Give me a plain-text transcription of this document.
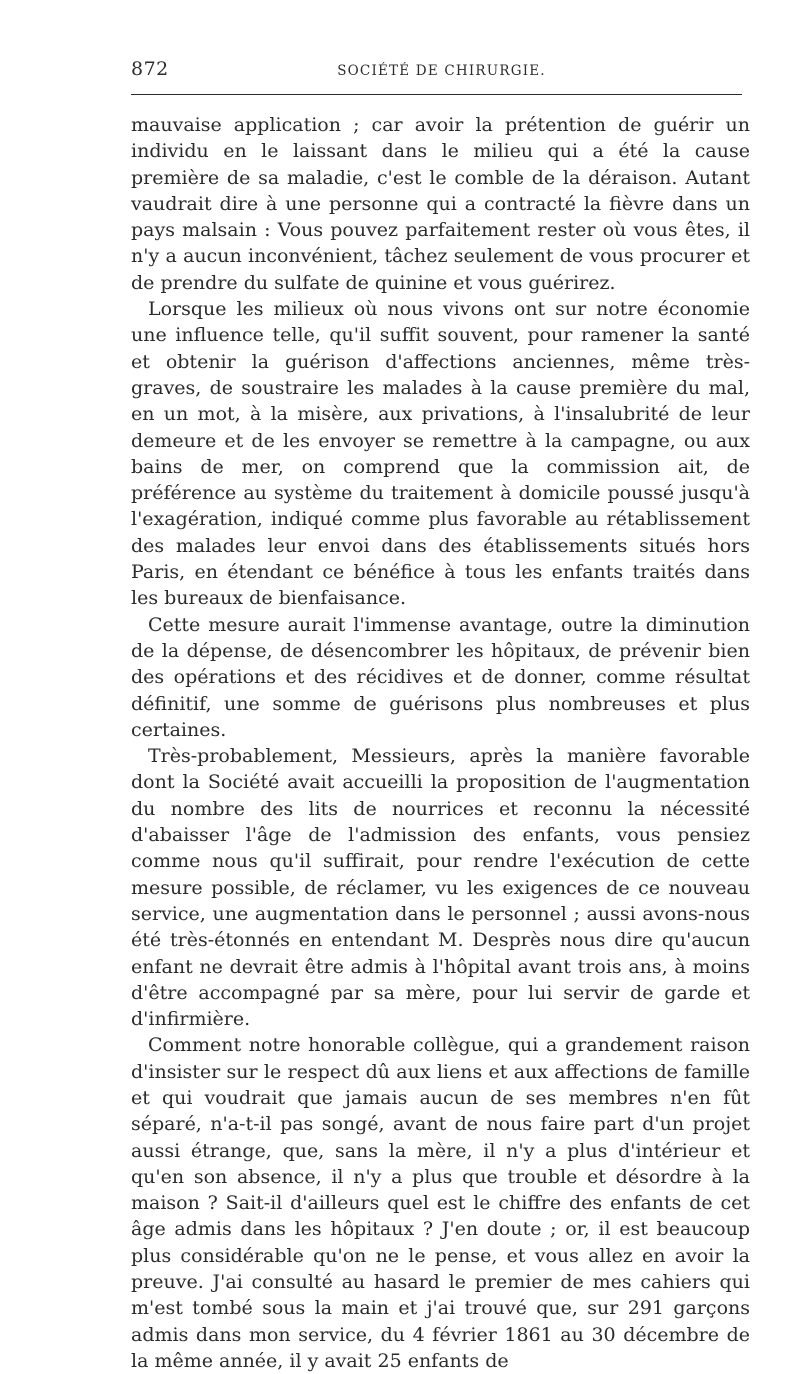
872	SOCIÉTÉ DE CHIRURGIE.

mauvaise application ; car avoir la prétention de guérir un individu en le laissant dans le milieu qui a été la cause première de sa maladie, c'est le comble de la déraison. Autant vaudrait dire à une personne qui a contracté la fièvre dans un pays malsain : Vous pouvez parfaitement rester où vous êtes, il n'y a aucun inconvénient, tâchez seulement de vous procurer et de prendre du sulfate de quinine et vous guérirez.

Lorsque les milieux où nous vivons ont sur notre économie une influence telle, qu'il suffit souvent, pour ramener la santé et obtenir la guérison d'affections anciennes, même très-graves, de soustraire les malades à la cause première du mal, en un mot, à la misère, aux privations, à l'insalubrité de leur demeure et de les envoyer se remettre à la campagne, ou aux bains de mer, on comprend que la commission ait, de préférence au système du traitement à domicile poussé jusqu'à l'exagération, indiqué comme plus favorable au rétablissement des malades leur envoi dans des établissements situés hors Paris, en étendant ce bénéfice à tous les enfants traités dans les bureaux de bienfaisance.

Cette mesure aurait l'immense avantage, outre la diminution de la dépense, de désencombrer les hôpitaux, de prévenir bien des opérations et des récidives et de donner, comme résultat définitif, une somme de guérisons plus nombreuses et plus certaines.

Très-probablement, Messieurs, après la manière favorable dont la Société avait accueilli la proposition de l'augmentation du nombre des lits de nourrices et reconnu la nécessité d'abaisser l'âge de l'admission des enfants, vous pensiez comme nous qu'il suffirait, pour rendre l'exécution de cette mesure possible, de réclamer, vu les exigences de ce nouveau service, une augmentation dans le personnel ; aussi avons-nous été très-étonnés en entendant M. Desprès nous dire qu'aucun enfant ne devrait être admis à l'hôpital avant trois ans, à moins d'être accompagné par sa mère, pour lui servir de garde et d'infirmière.

Comment notre honorable collègue, qui a grandement raison d'insister sur le respect dû aux liens et aux affections de famille et qui voudrait que jamais aucun de ses membres n'en fût séparé, n'a-t-il pas songé, avant de nous faire part d'un projet aussi étrange, que, sans la mère, il n'y a plus d'intérieur et qu'en son absence, il n'y a plus que trouble et désordre à la maison ? Sait-il d'ailleurs quel est le chiffre des enfants de cet âge admis dans les hôpitaux ? J'en doute ; or, il est beaucoup plus considérable qu'on ne le pense, et vous allez en avoir la preuve. J'ai consulté au hasard le premier de mes cahiers qui m'est tombé sous la main et j'ai trouvé que, sur 291 garçons admis dans mon service, du 4 février 1861 au 30 décembre de la même année, il y avait 25 enfants de
